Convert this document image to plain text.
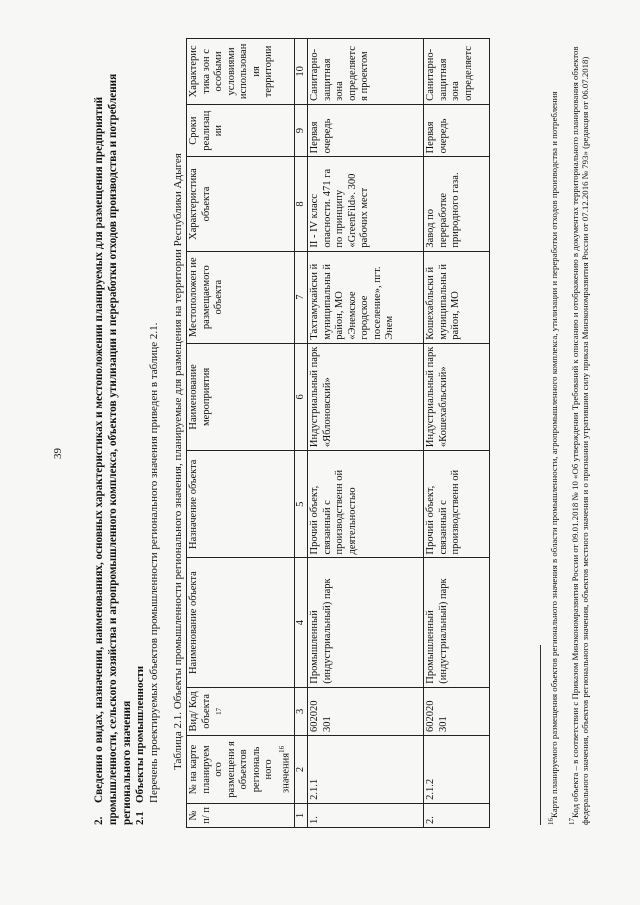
39
2.Сведения о видах, назначении, наименованиях, основных характеристиках и местоположении планируемых для размещения предприятий промышленности, сельского хозяйства и агропромышленного комплекса, объектов утилизации и переработки отходов производства и потребления регионального значения 2.1Объекты промышленности Перечень проектируемых объектов промышленности регионального значения приведен в таблице 2.1. Таблица 2.1. Объекты промышленности регионального значения, планируемые для размещения на территории Республики Адыгея
№ п/ п	№ на карте планируем ого размещени я объектов региональ ного значения$^{16}$	Вид/ Код объекта $^{17}$	Наименование объекта	Назначение объекта	Наименование мероприятия	Местоположен ие размещаемого объекта	Характеристика объекта	Сроки реализац ии	Характерис тика зон с особыми условиями использован ия территории
1	2	3	4	5	6	7	8	9	10
1.	2.1.1	602020 301	Промышленный (индустриальный) парк	Прочий объект, связанный с производственн ой деятельностью	Индустриальный парк «Яблоновский»	Тахтамукайски й муниципальны й район, МО «Энемское городское поселение», пгт. Энем	II - IV класс опасности. 471 га по принципу «GreenFild». 300 рабочих мест	Первая очередь	Санитарно-защитная зона определяетс я проектом
2.	2.1.2	602020 301	Промышленный (индустриальный) парк	Прочий объект, связанный с производственн ой	Индустриальный парк «Кошехабльский»	Кошехабльски й муниципальны й район, МО	Завод по переработке природного газа.	Первая очередь	Санитарно-защитная зона определяетс
$^{16}$Карта планируемого размещения объектов регионального значения в области промышленности, агропромышленного комплекса, утилизации и переработки отходов производства и потребления
$^{17}$Код объекта – в соответствии с Приказом Минэкономразвития России от 09.01.2018 № 10 «Об утверждении Требований к описанию и отображению в документах территориального планирования объектов федерального значения, объектов регионального значения, объектов местного значения и о признании утратившим силу приказа Минэкономразвития России от 07.12.2016 № 793» (редакция от 06.07.2018)
